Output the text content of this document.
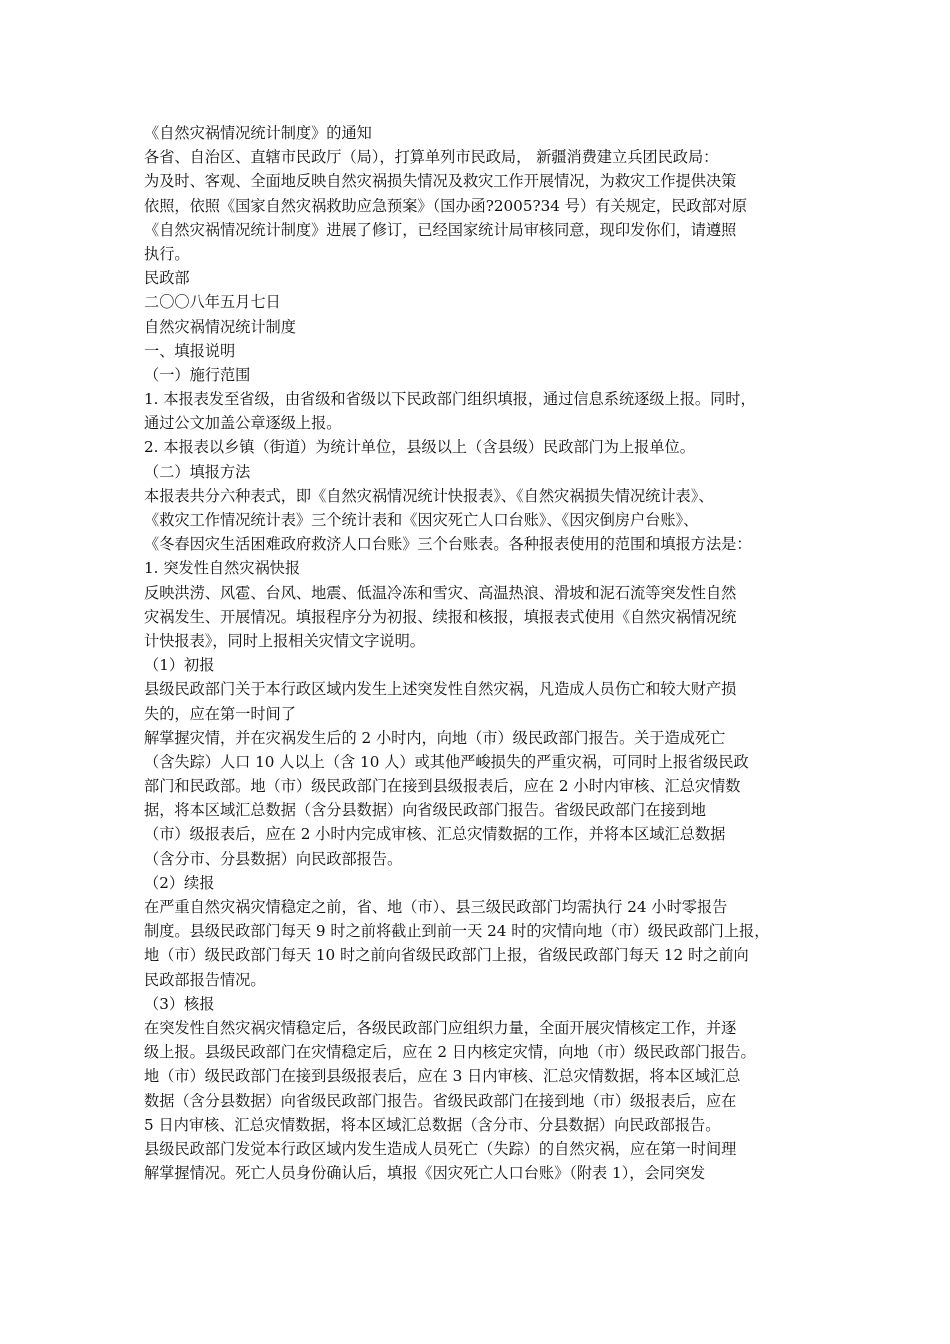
《自然灾祸情况统计制度》的通知
各省、自治区、直辖市民政厅（局），打算单列市民政局， 新疆消费建立兵团民政局：
为及时、客观、全面地反映自然灾祸损失情况及救灾工作开展情况，为救灾工作提供决策
依照，依照《国家自然灾祸救助应急预案》（国办函?2005?34 号）有关规定，民政部对原
《自然灾祸情况统计制度》进展了修订，已经国家统计局审核同意，现印发你们，请遵照
执行。
民政部
二〇〇八年五月七日
自然灾祸情况统计制度
一、填报说明
（一）施行范围
1. 本报表发至省级，由省级和省级以下民政部门组织填报，通过信息系统逐级上报。同时，
通过公文加盖公章逐级上报。
2. 本报表以乡镇（街道）为统计单位，县级以上（含县级）民政部门为上报单位。
（二）填报方法
本报表共分六种表式，即《自然灾祸情况统计快报表》、《自然灾祸损失情况统计表》、
《救灾工作情况统计表》三个统计表和《因灾死亡人口台账》、《因灾倒房户台账》、
《冬春因灾生活困难政府救济人口台账》三个台账表。各种报表使用的范围和填报方法是：
1. 突发性自然灾祸快报
反映洪涝、风雹、台风、地震、低温冷冻和雪灾、高温热浪、滑坡和泥石流等突发性自然
灾祸发生、开展情况。填报程序分为初报、续报和核报，填报表式使用《自然灾祸情况统
计快报表》，同时上报相关灾情文字说明。
（1）初报
县级民政部门关于本行政区域内发生上述突发性自然灾祸，凡造成人员伤亡和较大财产损
失的，应在第一时间了
解掌握灾情，并在灾祸发生后的 2 小时内，向地（市）级民政部门报告。关于造成死亡
（含失踪）人口 10 人以上（含 10 人）或其他严峻损失的严重灾祸，可同时上报省级民政
部门和民政部。地（市）级民政部门在接到县级报表后，应在 2 小时内审核、汇总灾情数
据，将本区域汇总数据（含分县数据）向省级民政部门报告。省级民政部门在接到地
（市）级报表后，应在 2 小时内完成审核、汇总灾情数据的工作，并将本区域汇总数据
（含分市、分县数据）向民政部报告。
（2）续报
在严重自然灾祸灾情稳定之前，省、地（市）、县三级民政部门均需执行 24 小时零报告
制度。县级民政部门每天 9 时之前将截止到前一天 24 时的灾情向地（市）级民政部门上报，
地（市）级民政部门每天 10 时之前向省级民政部门上报，省级民政部门每天 12 时之前向
民政部报告情况。
（3）核报
在突发性自然灾祸灾情稳定后，各级民政部门应组织力量，全面开展灾情核定工作，并逐
级上报。县级民政部门在灾情稳定后，应在 2 日内核定灾情，向地（市）级民政部门报告。
地（市）级民政部门在接到县级报表后，应在 3 日内审核、汇总灾情数据，将本区域汇总
数据（含分县数据）向省级民政部门报告。省级民政部门在接到地（市）级报表后，应在
5 日内审核、汇总灾情数据，将本区域汇总数据（含分市、分县数据）向民政部报告。
县级民政部门发觉本行政区域内发生造成人员死亡（失踪）的自然灾祸，应在第一时间理
解掌握情况。死亡人员身份确认后，填报《因灾死亡人口台账》（附表 1），会同突发
